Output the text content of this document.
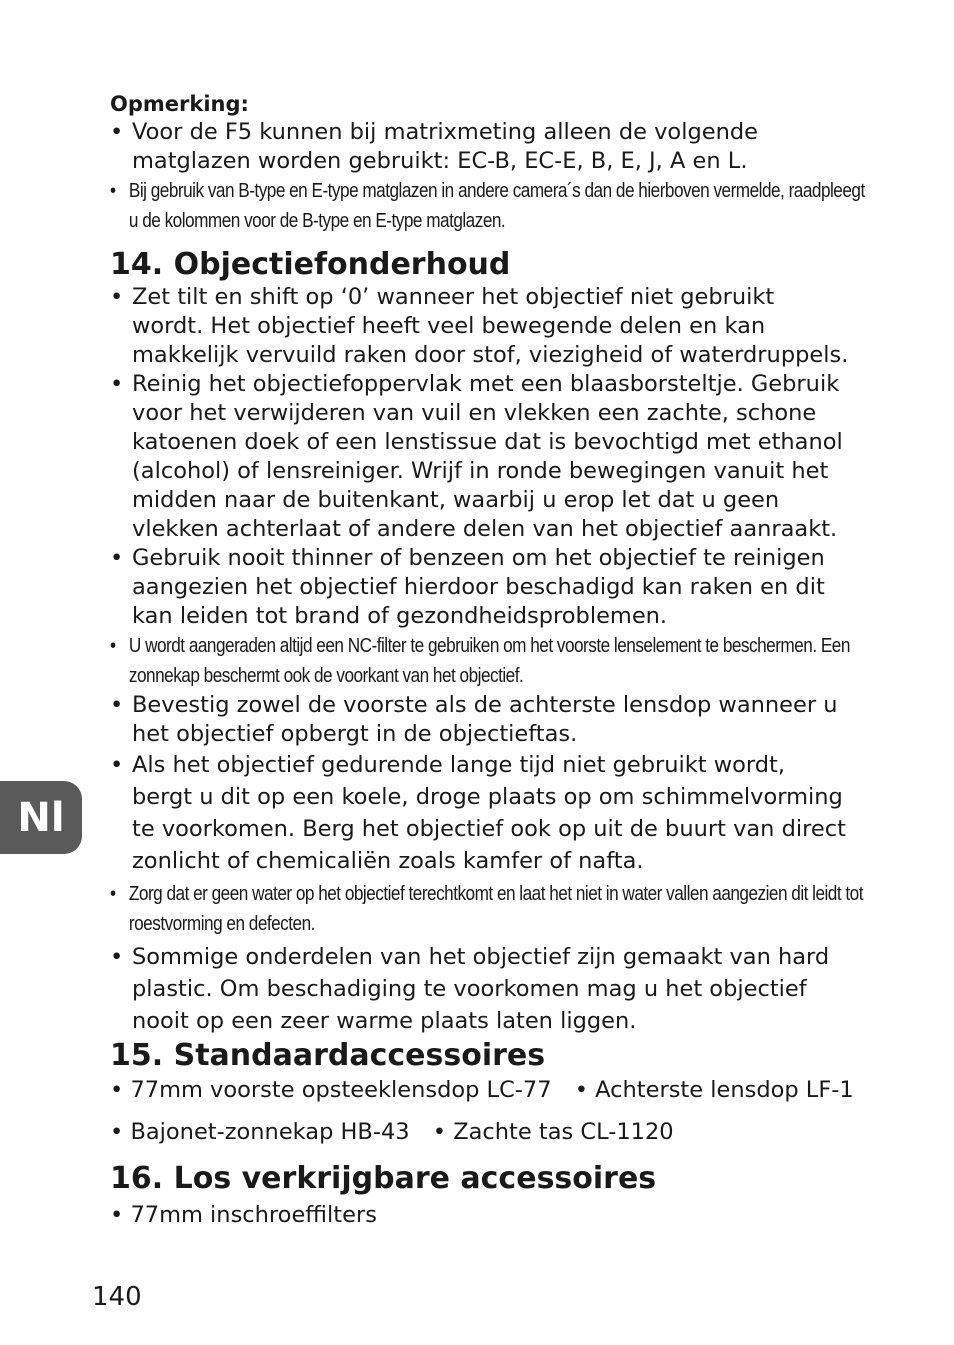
Opmerking:
• Voor de F5 kunnen bij matrixmeting alleen de volgende matglazen worden gebruikt: EC-B, EC-E, B, E, J, A en L.
• Bij gebruik van B-type en E-type matglazen in andere camera´s dan de hierboven vermelde, raadpleegt u de kolommen voor de B-type en E-type matglazen.
14. Objectiefonderhoud
• Zet tilt en shift op ‘0’ wanneer het objectief niet gebruikt wordt. Het objectief heeft veel bewegende delen en kan makkelijk vervuild raken door stof, viezigheid of waterdruppels.
• Reinig het objectiefoppervlak met een blaasborsteltje. Gebruik voor het verwijderen van vuil en vlekken een zachte, schone katoenen doek of een lenstissue dat is bevochtigd met ethanol (alcohol) of lensreiniger. Wrijf in ronde bewegingen vanuit het midden naar de buitenkant, waarbij u erop let dat u geen vlekken achterlaat of andere delen van het objectief aanraakt.
• Gebruik nooit thinner of benzeen om het objectief te reinigen aangezien het objectief hierdoor beschadigd kan raken en dit kan leiden tot brand of gezondheidsproblemen.
• U wordt aangeraden altijd een NC-filter te gebruiken om het voorste lenselement te beschermen. Een zonnekap beschermt ook de voorkant van het objectief.
• Bevestig zowel de voorste als de achterste lensdop wanneer u het objectief opbergt in de objectieftas.
• Als het objectief gedurende lange tijd niet gebruikt wordt, bergt u dit op een koele, droge plaats op om schimmelvorming te voorkomen. Berg het objectief ook op uit de buurt van direct zonlicht of chemicaliën zoals kamfer of nafta.
• Zorg dat er geen water op het objectief terechtkomt en laat het niet in water vallen aangezien dit leidt tot roestvorming en defecten.
• Sommige onderdelen van het objectief zijn gemaakt van hard plastic. Om beschadiging te voorkomen mag u het objectief nooit op een zeer warme plaats laten liggen.
15. Standaardaccessoires
• 77mm voorste opsteeklensdop LC-77 • Achterste lensdop LF-1
• Bajonet-zonnekap HB-43 • Zachte tas CL-1120
16. Los verkrijgbare accessoires
• 77mm inschroeffilters
Nl
140
